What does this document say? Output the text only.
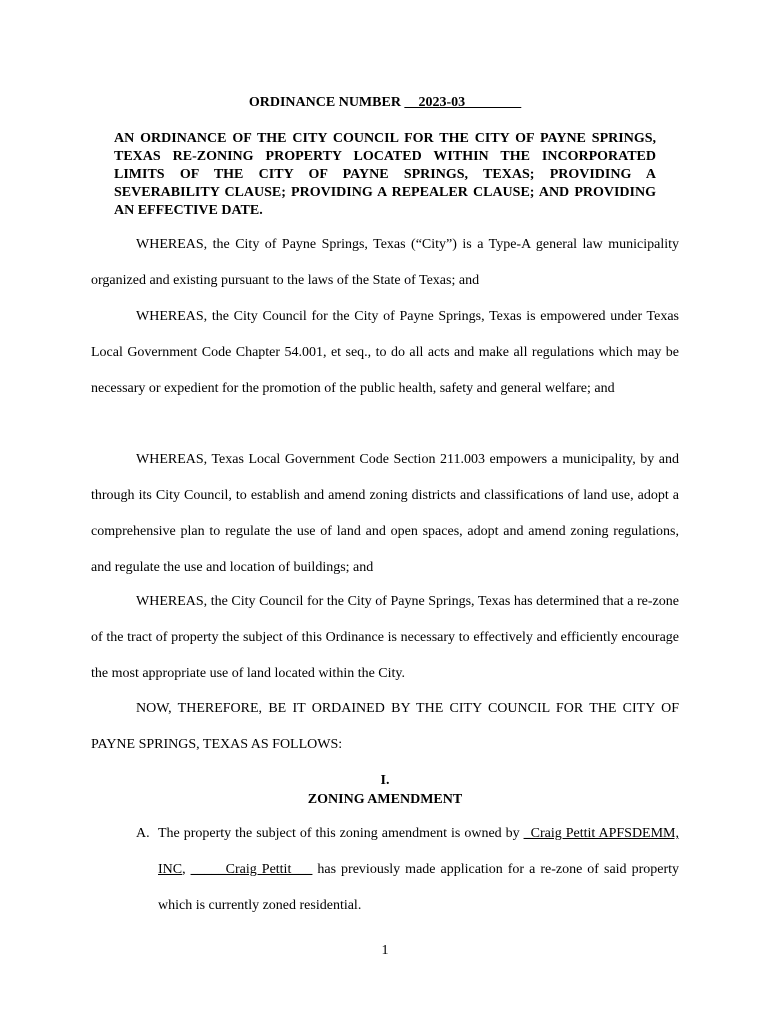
ORDINANCE NUMBER __2023-03________
AN ORDINANCE OF THE CITY COUNCIL FOR THE CITY OF PAYNE SPRINGS, TEXAS RE-ZONING PROPERTY LOCATED WITHIN THE INCORPORATED LIMITS OF THE CITY OF PAYNE SPRINGS, TEXAS; PROVIDING A SEVERABILITY CLAUSE; PROVIDING A REPEALER CLAUSE; AND PROVIDING AN EFFECTIVE DATE.

WHEREAS, the City of Payne Springs, Texas (“City”) is a Type-A general law municipality organized and existing pursuant to the laws of the State of Texas; and

WHEREAS, the City Council for the City of Payne Springs, Texas is empowered under Texas Local Government Code Chapter 54.001, et seq., to do all acts and make all regulations which may be necessary or expedient for the promotion of the public health, safety and general welfare; and

WHEREAS, Texas Local Government Code Section 211.003 empowers a municipality, by and through its City Council, to establish and amend zoning districts and classifications of land use, adopt a comprehensive plan to regulate the use of land and open spaces, adopt and amend zoning regulations, and regulate the use and location of buildings; and

WHEREAS, the City Council for the City of Payne Springs, Texas has determined that a re-zone of the tract of property the subject of this Ordinance is necessary to effectively and efficiently encourage the most appropriate use of land located within the City.

NOW, THEREFORE, BE IT ORDAINED BY THE CITY COUNCIL FOR THE CITY OF PAYNE SPRINGS, TEXAS AS FOLLOWS:

I.
ZONING AMENDMENT
A. The property the subject of this zoning amendment is owned by _Craig Pettit APFSDEMM, INC, _____Craig Pettit___ has previously made application for a re-zone of said property which is currently zoned residential.
1
